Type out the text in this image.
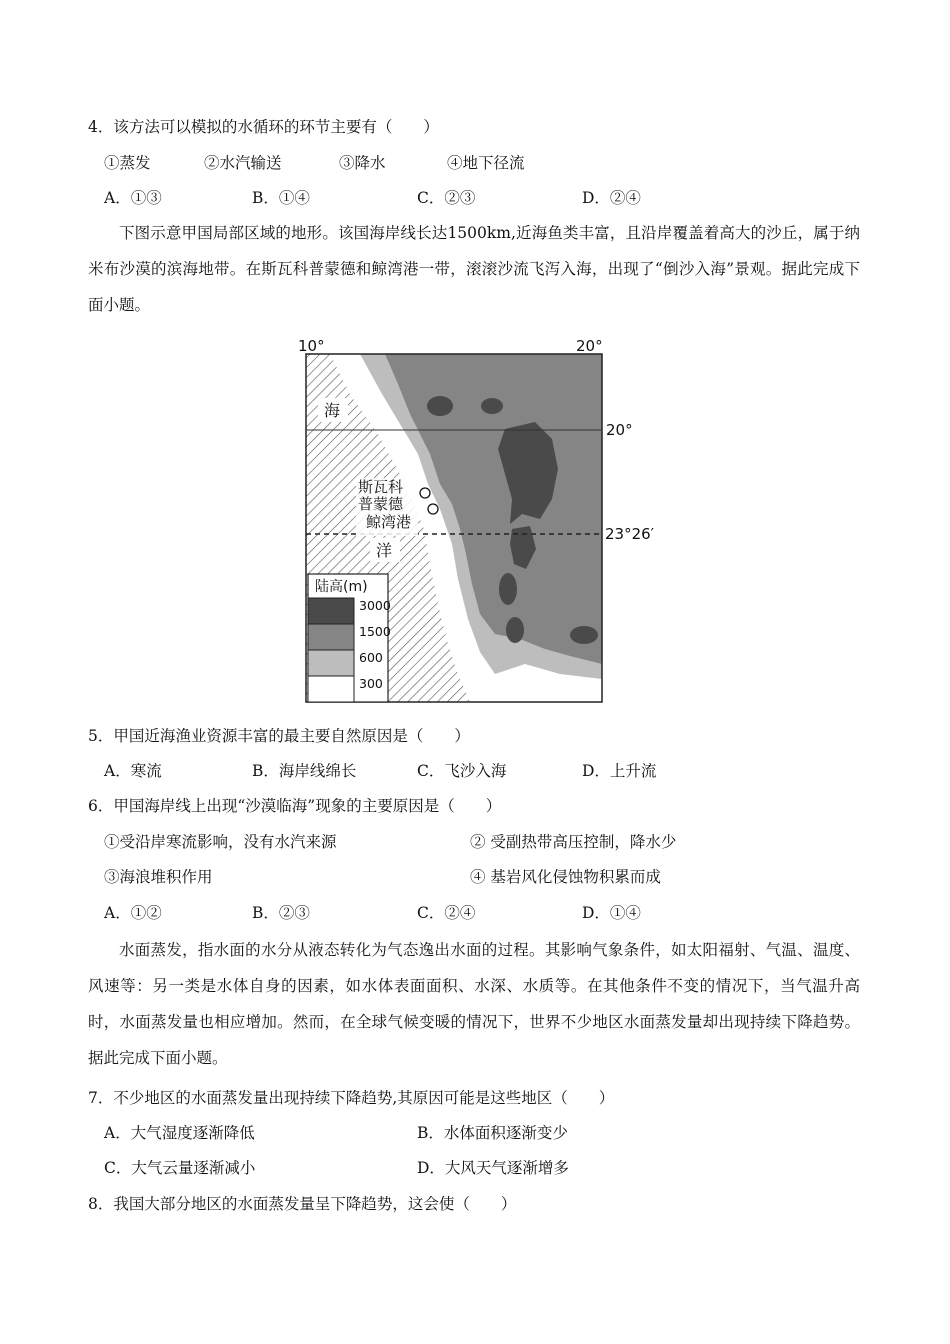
4．该方法可以模拟的水循环的环节主要有（　　）
①蒸发	②水汽输送	③降水	④地下径流
A．①③	B．①④	C．②③	D．②④
下图示意甲国局部区域的地形。该国海岸线长达1500km,近海鱼类丰富，且沿岸覆盖着高大的沙丘，属于纳米布沙漠的滨海地带。在斯瓦科普蒙德和鲸湾港一带，滚滚沙流飞泻入海，出现了“倒沙入海”景观。据此完成下面小题。
陆高(m)
3000
1500
600
300
10°	20°
20°
23°26′
海
洋
斯瓦科
普蒙德
鲸湾港
5．甲国近海渔业资源丰富的最主要自然原因是（　　）
A．寒流	B．海岸线绵长	C．飞沙入海	D．上升流
6．甲国海岸线上出现“沙漠临海”现象的主要原因是（　　）
①受沿岸寒流影响，没有水汽来源	② 受副热带高压控制，降水少
③海浪堆积作用	④ 基岩风化侵蚀物积累而成
A．①②	B．②③	C．②④	D．①④
水面蒸发，指水面的水分从液态转化为气态逸出水面的过程。其影响气象条件，如太阳福射、气温、温度、风速等：另一类是水体自身的因素，如水体表面面积、水深、水质等。在其他条件不变的情况下，当气温升高时，水面蒸发量也相应增加。然而，在全球气候变暖的情况下，世界不少地区水面蒸发量却出现持续下降趋势。据此完成下面小题。
7．不少地区的水面蒸发量出现持续下降趋势,其原因可能是这些地区（　　）
A．大气湿度逐渐降低	B．水体面积逐渐变少
C．大气云量逐渐减小	D．大风天气逐渐增多
8．我国大部分地区的水面蒸发量呈下降趋势，这会使（　　）
